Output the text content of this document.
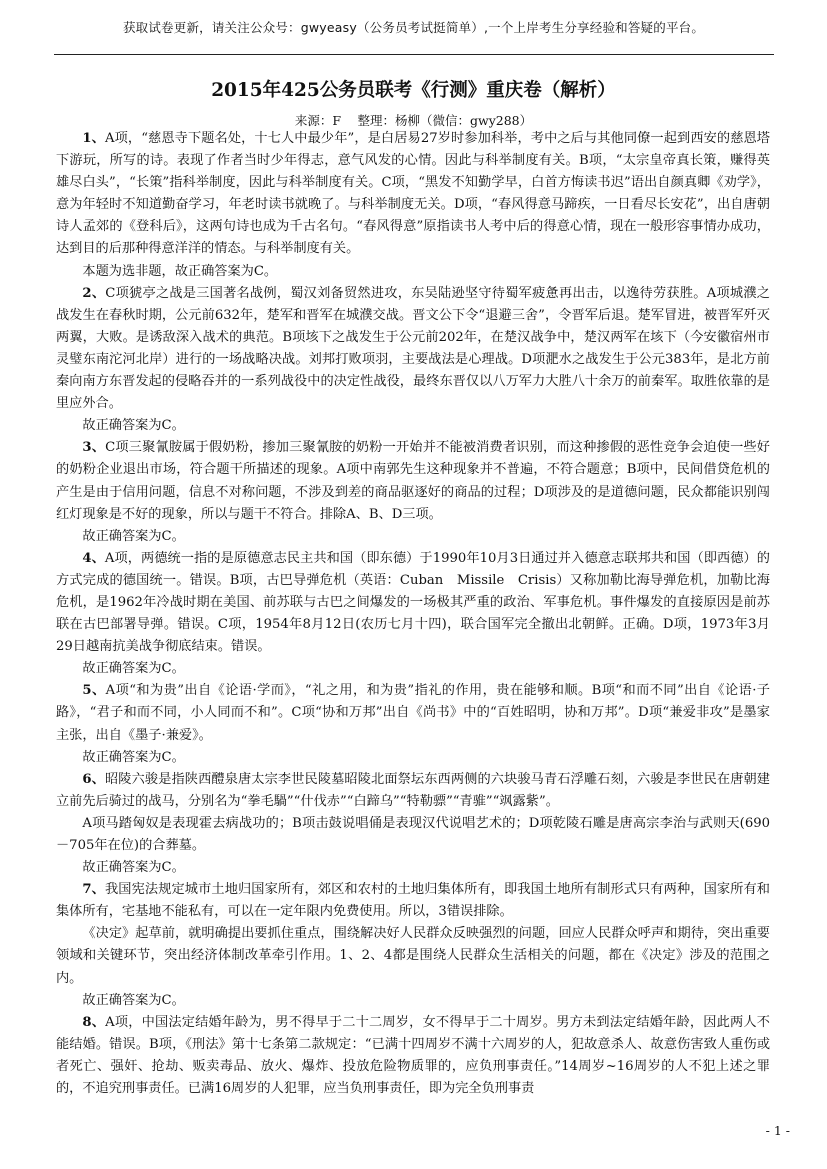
获取试卷更新，请关注公众号：gwyeasy（公务员考试挺简单）,一个上岸考生分享经验和答疑的平台。
2015年425公务员联考《行测》重庆卷（解析）
来源：F　 整理：杨柳（微信：gwy288）

1、A项，“慈恩寺下题名处，十七人中最少年”，是白居易27岁时参加科举，考中之后与其他同僚一起到西安的慈恩塔下游玩，所写的诗。表现了作者当时少年得志，意气风发的心情。因此与科举制度有关。B项，“太宗皇帝真长策，赚得英雄尽白头”，“长策”指科举制度，因此与科举制度有关。C项，“黑发不知勤学早，白首方悔读书迟”语出自颜真卿《劝学》，意为年轻时不知道勤奋学习，年老时读书就晚了。与科举制度无关。D项，“春风得意马蹄疾，一日看尽长安花”，出自唐朝诗人孟郊的《登科后》，这两句诗也成为千古名句。“春风得意”原指读书人考中后的得意心情，现在一般形容事情办成功，达到目的后那种得意洋洋的情态。与科举制度有关。

本题为选非题，故正确答案为C。

2、C项猇亭之战是三国著名战例，蜀汉刘备贸然进攻，东吴陆逊坚守待蜀军疲惫再出击，以逸待劳获胜。A项城濮之战发生在春秋时期，公元前632年，楚军和晋军在城濮交战。晋文公下令“退避三舍”，令晋军后退。楚军冒进，被晋军歼灭两翼，大败。是诱敌深入战术的典范。B项垓下之战发生于公元前202年，在楚汉战争中，楚汉两军在垓下（今安徽宿州市灵璧东南沱河北岸）进行的一场战略决战。刘邦打败项羽，主要战法是心理战。D项淝水之战发生于公元383年，是北方前秦向南方东晋发起的侵略吞并的一系列战役中的决定性战役，最终东晋仅以八万军力大胜八十余万的前秦军。取胜依靠的是里应外合。

故正确答案为C。

3、C项三聚氰胺属于假奶粉，掺加三聚氰胺的奶粉一开始并不能被消费者识别，而这种掺假的恶性竞争会迫使一些好的奶粉企业退出市场，符合题干所描述的现象。A项中南郭先生这种现象并不普遍，不符合题意；B项中，民间借贷危机的产生是由于信用问题，信息不对称问题，不涉及到差的商品驱逐好的商品的过程；D项涉及的是道德问题，民众都能识别闯红灯现象是不好的现象，所以与题干不符合。排除A、B、D三项。

故正确答案为C。

4、A项，两德统一指的是原德意志民主共和国（即东德）于1990年10月3日通过并入德意志联邦共和国（即西德）的方式完成的德国统一。错误。B项，古巴导弹危机（英语：Cuban　Missile　Crisis）又称加勒比海导弹危机，加勒比海危机，是1962年冷战时期在美国、前苏联与古巴之间爆发的一场极其严重的政治、军事危机。事件爆发的直接原因是前苏联在古巴部署导弹。错误。C项，1954年8月12日(农历七月十四)，联合国军完全撤出北朝鲜。正确。D项，1973年3月29日越南抗美战争彻底结束。错误。

故正确答案为C。

5、A项“和为贵”出自《论语·学而》，“礼之用，和为贵”指礼的作用，贵在能够和顺。B项“和而不同”出自《论语·子路》，“君子和而不同，小人同而不和”。C项“协和万邦”出自《尚书》中的“百姓昭明，协和万邦”。D项“兼爱非攻”是墨家主张，出自《墨子·兼爱》。

故正确答案为C。

6、昭陵六骏是指陕西醴泉唐太宗李世民陵墓昭陵北面祭坛东西两侧的六块骏马青石浮雕石刻，六骏是李世民在唐朝建立前先后骑过的战马，分别名为“拳毛騧”“什伐赤”“白蹄乌”“特勒骠”“青骓”“飒露紫”。

A项马踏匈奴是表现霍去病战功的；B项击鼓说唱俑是表现汉代说唱艺术的；D项乾陵石雕是唐高宗李治与武则天(690－705年在位)的合葬墓。

故正确答案为C。

7、我国宪法规定城市土地归国家所有，郊区和农村的土地归集体所有，即我国土地所有制形式只有两种，国家所有和集体所有，宅基地不能私有，可以在一定年限内免费使用。所以，3错误排除。

《决定》起草前，就明确提出要抓住重点，围绕解决好人民群众反映强烈的问题，回应人民群众呼声和期待，突出重要领域和关键环节，突出经济体制改革牵引作用。1、2、4都是围绕人民群众生活相关的问题，都在《决定》涉及的范围之内。

故正确答案为C。

8、A项，中国法定结婚年龄为，男不得早于二十二周岁，女不得早于二十周岁。男方未到法定结婚年龄，因此两人不能结婚。错误。B项，《刑法》第十七条第二款规定：“已满十四周岁不满十六周岁的人，犯故意杀人、故意伤害致人重伤或者死亡、强奸、抢劫、贩卖毒品、放火、爆炸、投放危险物质罪的，应负刑事责任。”14周岁~16周岁的人不犯上述之罪的，不追究刑事责任。已满16周岁的人犯罪，应当负刑事责任，即为完全负刑事责

- 1 -
